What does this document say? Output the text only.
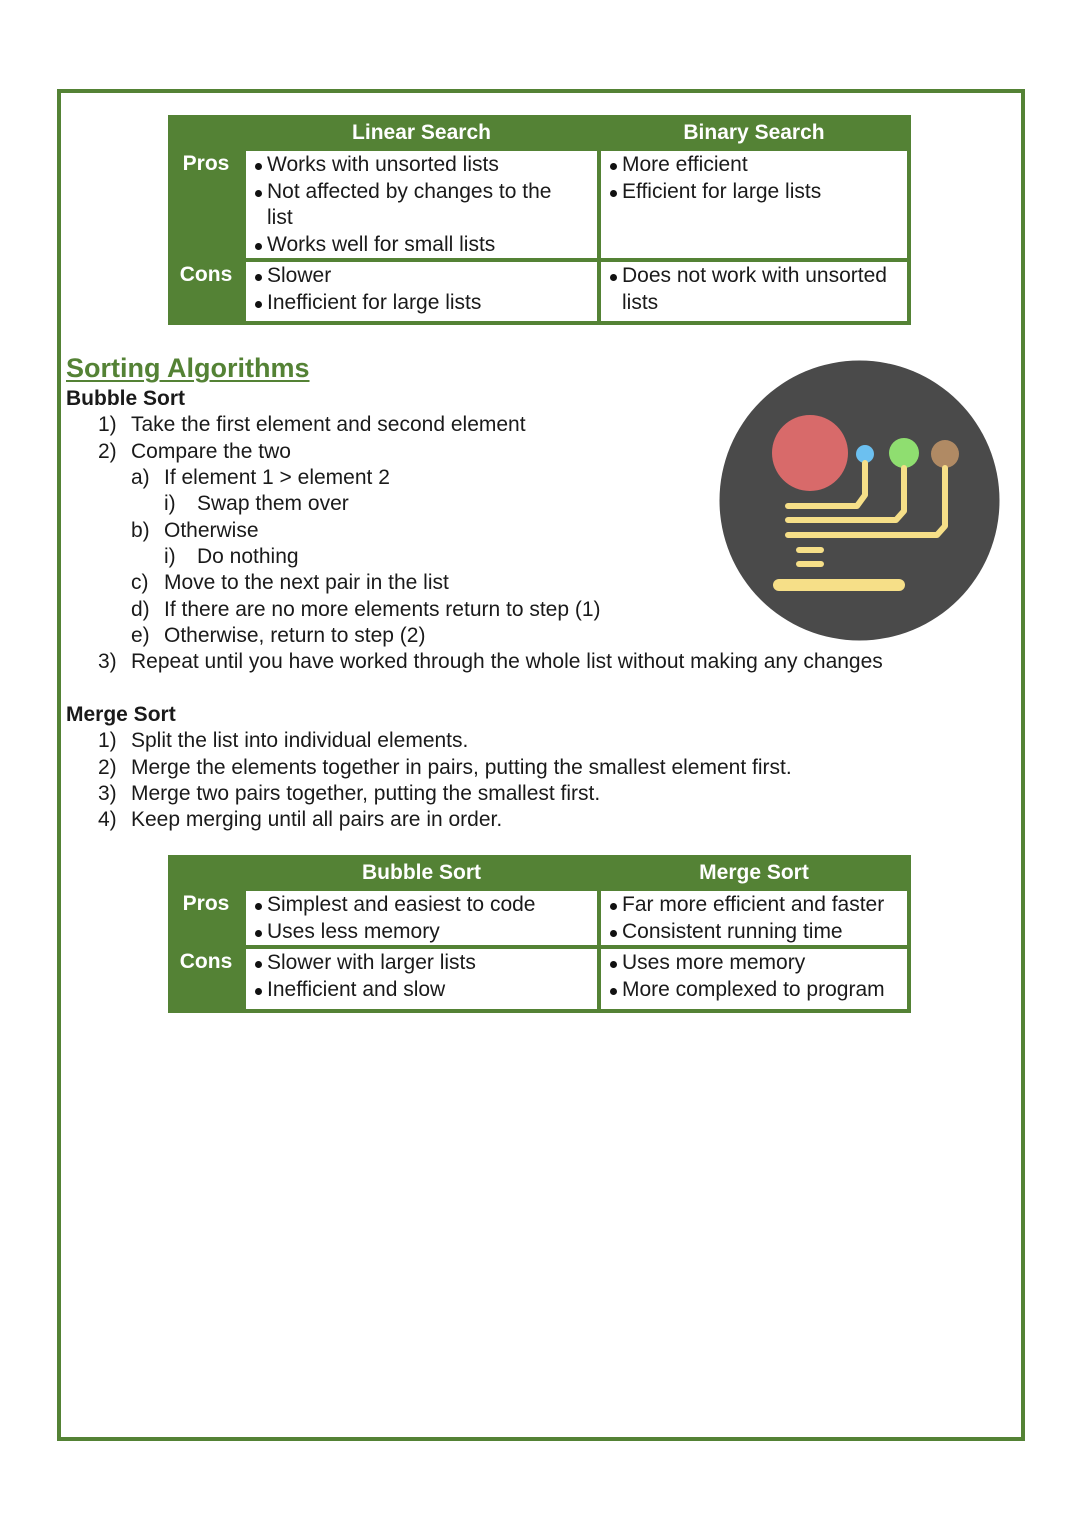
Linear Search	Binary Search
Pros
Cons
Works with unsorted lists
Not affected by changes to the list
Works well for small lists
More efficient
Efficient for large lists
Slower
Inefficient for large lists
Does not work with unsorted lists
Sorting Algorithms
Bubble Sort
1) Take the first element and second element
2) Compare the two
a) If element 1 > element 2
i) Swap them over
b) Otherwise
i) Do nothing
c) Move to the next pair in the list
d) If there are no more elements return to step (1)
e) Otherwise, return to step (2)
3) Repeat until you have worked through the whole list without making any changes
Merge Sort
1) Split the list into individual elements.
2) Merge the elements together in pairs, putting the smallest element first.
3) Merge two pairs together, putting the smallest first.
4) Keep merging until all pairs are in order.
Bubble Sort	Merge Sort
Pros
Cons
Simplest and easiest to code
Uses less memory
Far more efficient and faster
Consistent running time
Slower with larger lists
Inefficient and slow
Uses more memory
More complexed to program
